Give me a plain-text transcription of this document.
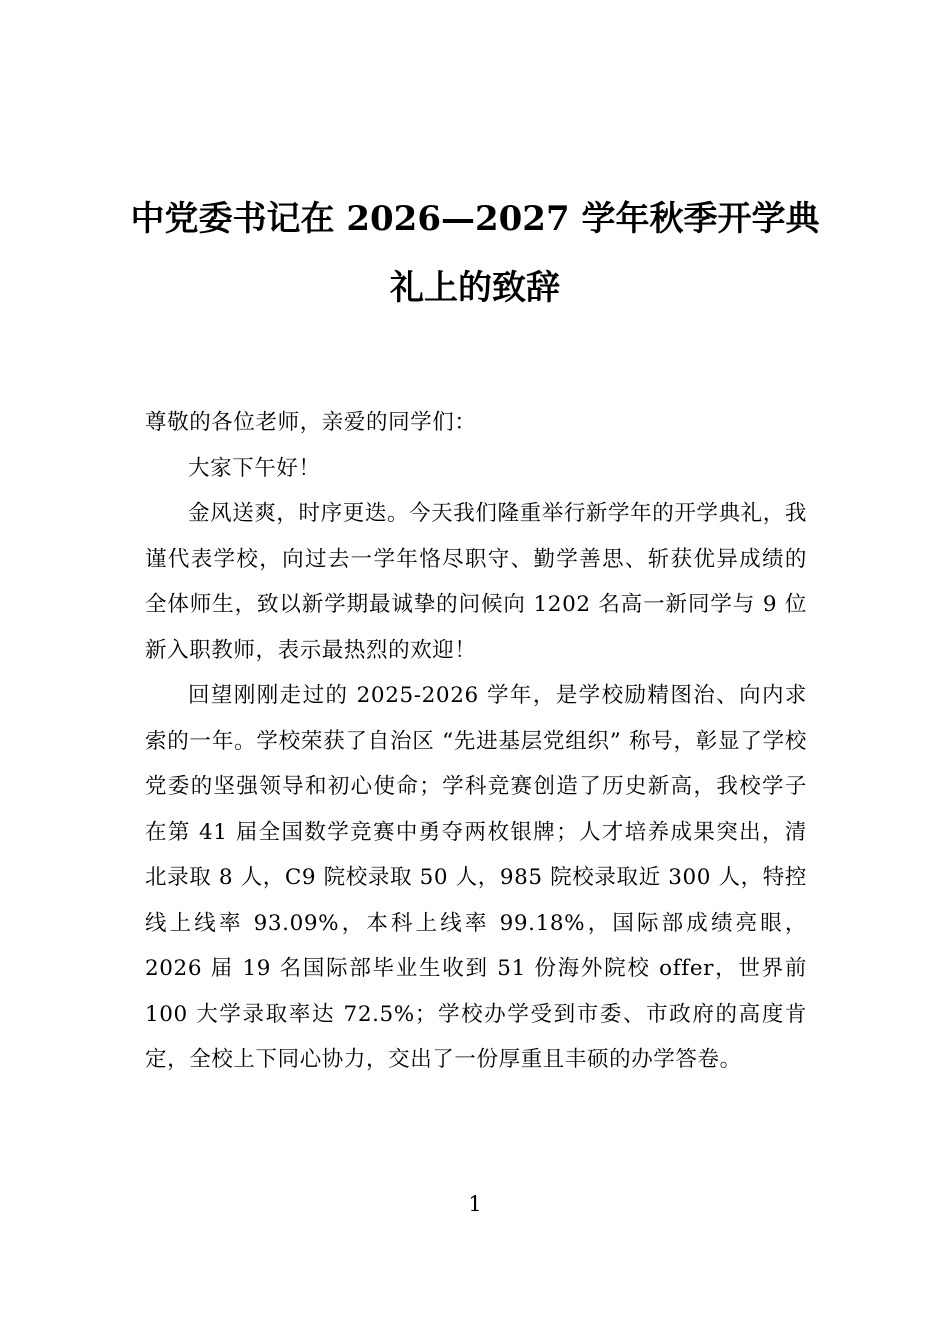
中党委书记在 2026—2027 学年秋季开学典
礼上的致辞

尊敬的各位老师，亲爱的同学们：

大家下午好！

金风送爽，时序更迭。今天我们隆重举行新学年的开学典礼，我谨代表学校，向过去一学年恪尽职守、勤学善思、斩获优异成绩的全体师生，致以新学期最诚挚的问候向 1202 名高一新同学与 9 位新入职教师，表示最热烈的欢迎！

回望刚刚走过的 2025-2026 学年，是学校励精图治、向内求索的一年。学校荣获了自治区 “先进基层党组织” 称号，彰显了学校党委的坚强领导和初心使命；学科竞赛创造了历史新高，我校学子在第 41 届全国数学竞赛中勇夺两枚银牌；人才培养成果突出，清北录取 8 人，C9 院校录取 50 人，985 院校录取近 300 人，特控线上线率 93.09%，本科上线率 99.18%，国际部成绩亮眼，2026 届 19 名国际部毕业生收到 51 份海外院校 offer，世界前 100 大学录取率达 72.5%；学校办学受到市委、市政府的高度肯定，全校上下同心协力，交出了一份厚重且丰硕的办学答卷。

1
